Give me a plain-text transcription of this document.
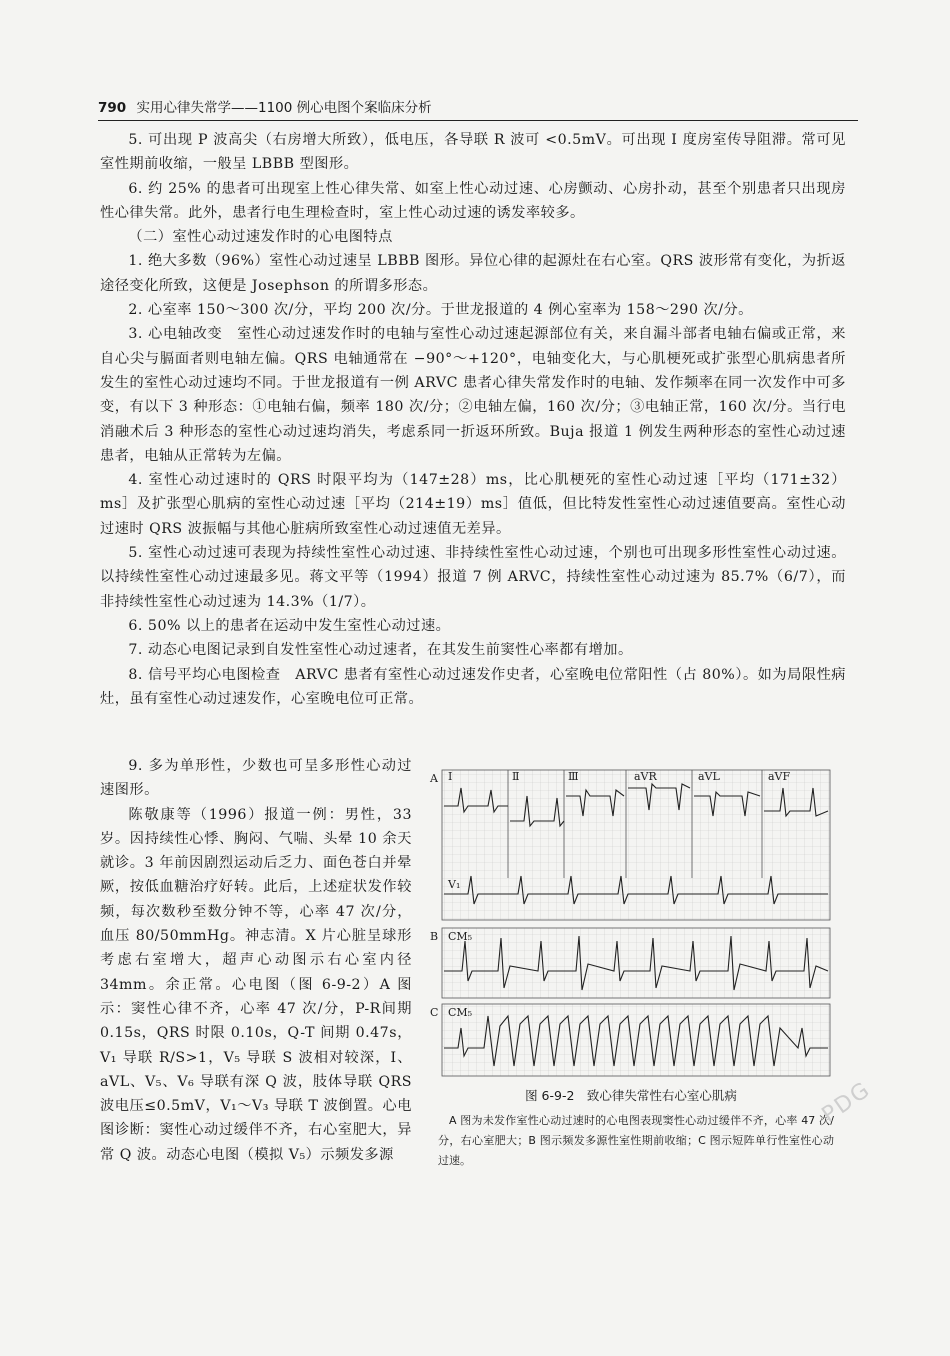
790 实用心律失常学——1100 例心电图个案临床分析

5. 可出现 P 波高尖（右房增大所致），低电压，各导联 R 波可 <0.5mV。可出现 I 度房室传导阻滞。常可见室性期前收缩，一般呈 LBBB 型图形。

6. 约 25% 的患者可出现室上性心律失常、如室上性心动过速、心房颤动、心房扑动，甚至个别患者只出现房性心律失常。此外，患者行电生理检查时，室上性心动过速的诱发率较多。

（二）室性心动过速发作时的心电图特点

1. 绝大多数（96%）室性心动过速呈 LBBB 图形。异位心律的起源灶在右心室。QRS 波形常有变化，为折返途径变化所致，这便是 Josephson 的所谓多形态。

2. 心室率 150～300 次/分，平均 200 次/分。于世龙报道的 4 例心室率为 158～290 次/分。

3. 心电轴改变　室性心动过速发作时的电轴与室性心动过速起源部位有关，来自漏斗部者电轴右偏或正常，来自心尖与膈面者则电轴左偏。QRS 电轴通常在 −90°～+120°，电轴变化大，与心肌梗死或扩张型心肌病患者所发生的室性心动过速均不同。于世龙报道有一例 ARVC 患者心律失常发作时的电轴、发作频率在同一次发作中可多变，有以下 3 种形态：①电轴右偏，频率 180 次/分；②电轴左偏，160 次/分；③电轴正常，160 次/分。当行电消融术后 3 种形态的室性心动过速均消失，考虑系同一折返环所致。Buja 报道 1 例发生两种形态的室性心动过速患者，电轴从正常转为左偏。

4. 室性心动过速时的 QRS 时限平均为（147±28）ms，比心肌梗死的室性心动过速［平均（171±32）ms］及扩张型心肌病的室性心动过速［平均（214±19）ms］值低，但比特发性室性心动过速值要高。室性心动过速时 QRS 波振幅与其他心脏病所致室性心动过速值无差异。

5. 室性心动过速可表现为持续性室性心动过速、非持续性室性心动过速，个别也可出现多形性室性心动过速。以持续性室性心动过速最多见。蒋文平等（1994）报道 7 例 ARVC，持续性室性心动过速为 85.7%（6/7），而非持续性室性心动过速为 14.3%（1/7）。

6. 50% 以上的患者在运动中发生室性心动过速。

7. 动态心电图记录到自发性室性心动过速者，在其发生前窦性心率都有增加。

8. 信号平均心电图检查　ARVC 患者有室性心动过速发作史者，心室晚电位常阳性（占 80%）。如为局限性病灶，虽有室性心动过速发作，心室晚电位可正常。

9. 多为单形性，少数也可呈多形性心动过速图形。

陈敬康等（1996）报道一例：男性，33 岁。因持续性心悸、胸闷、气喘、头晕 10 余天就诊。3 年前因剧烈运动后乏力、面色苍白并晕厥，按低血糖治疗好转。此后，上述症状发作较频，每次数秒至数分钟不等，心率 47 次/分，血压 80/50mmHg。神志清。X 片心脏呈球形考虑右室增大，超声心动图示右心室内径 34mm。余正常。心电图（图 6-9-2）A 图示：窦性心律不齐，心率 47 次/分，P-R间期 0.15s，QRS 时限 0.10s，Q-T 间期 0.47s，V₁ 导联 R/S>1，V₅ 导联 S 波相对较深，Ⅰ、aVL、V₅、V₆ 导联有深 Q 波，肢体导联 QRS 波电压≤0.5mV，V₁～V₃ 导联 T 波倒置。心电图诊断：窦性心动过缓伴不齐，右心室肥大，异常 Q 波。动态心电图（模拟 V₅）示频发多源

A
B
C
Ⅰ	Ⅱ	Ⅲ	aVR	aVL	aVF
V₁
CM₅
CM₅
图 6-9-2　致心律失常性右心室心肌病

A 图为未发作室性心动过速时的心电图表现窦性心动过缓伴不齐，心率 47 次/分，右心室肥大；B 图示频发多源性室性期前收缩；C 图示短阵单行性室性心动过速。

PDG
